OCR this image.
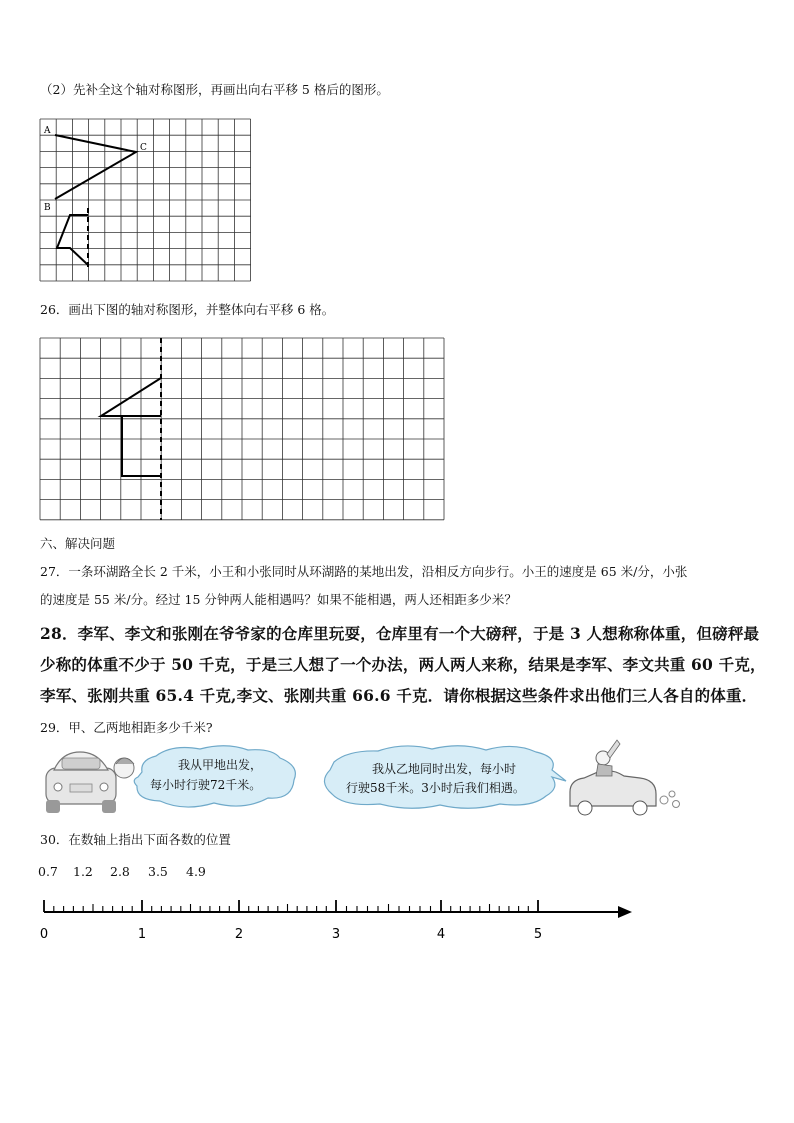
（2）先补全这个轴对称图形，再画出向右平移 5 格后的图形。
A
C
B
26．画出下图的轴对称图形，并整体向右平移 6 格。
六、解决问题
27．一条环湖路全长 2 千米，小王和小张同时从环湖路的某地出发，沿相反方向步行。小王的速度是 65 米/分，小张
的速度是 55 米/分。经过 15 分钟两人能相遇吗？如果不能相遇，两人还相距多少米？
28．李军、李文和张刚在爷爷家的仓库里玩耍，仓库里有一个大磅秤，于是 3 人想称称体重，但磅秤最
少称的体重不少于 50 千克，于是三人想了一个办法，两人两人来称，结果是李军、李文共重 60 千克，
李军、张刚共重 65.4 千克,李文、张刚共重 66.6 千克．请你根据这些条件求出他们三人各自的体重．
29．甲、乙两地相距多少千米?
我从甲地出发，
每小时行驶72千米。
我从乙地同时出发，每小时
行驶58千米。3小时后我们相遇。
30．在数轴上指出下面各数的位置
0.7 1.2 2.8 3.5 4.9
0	1	2	3	4	5
